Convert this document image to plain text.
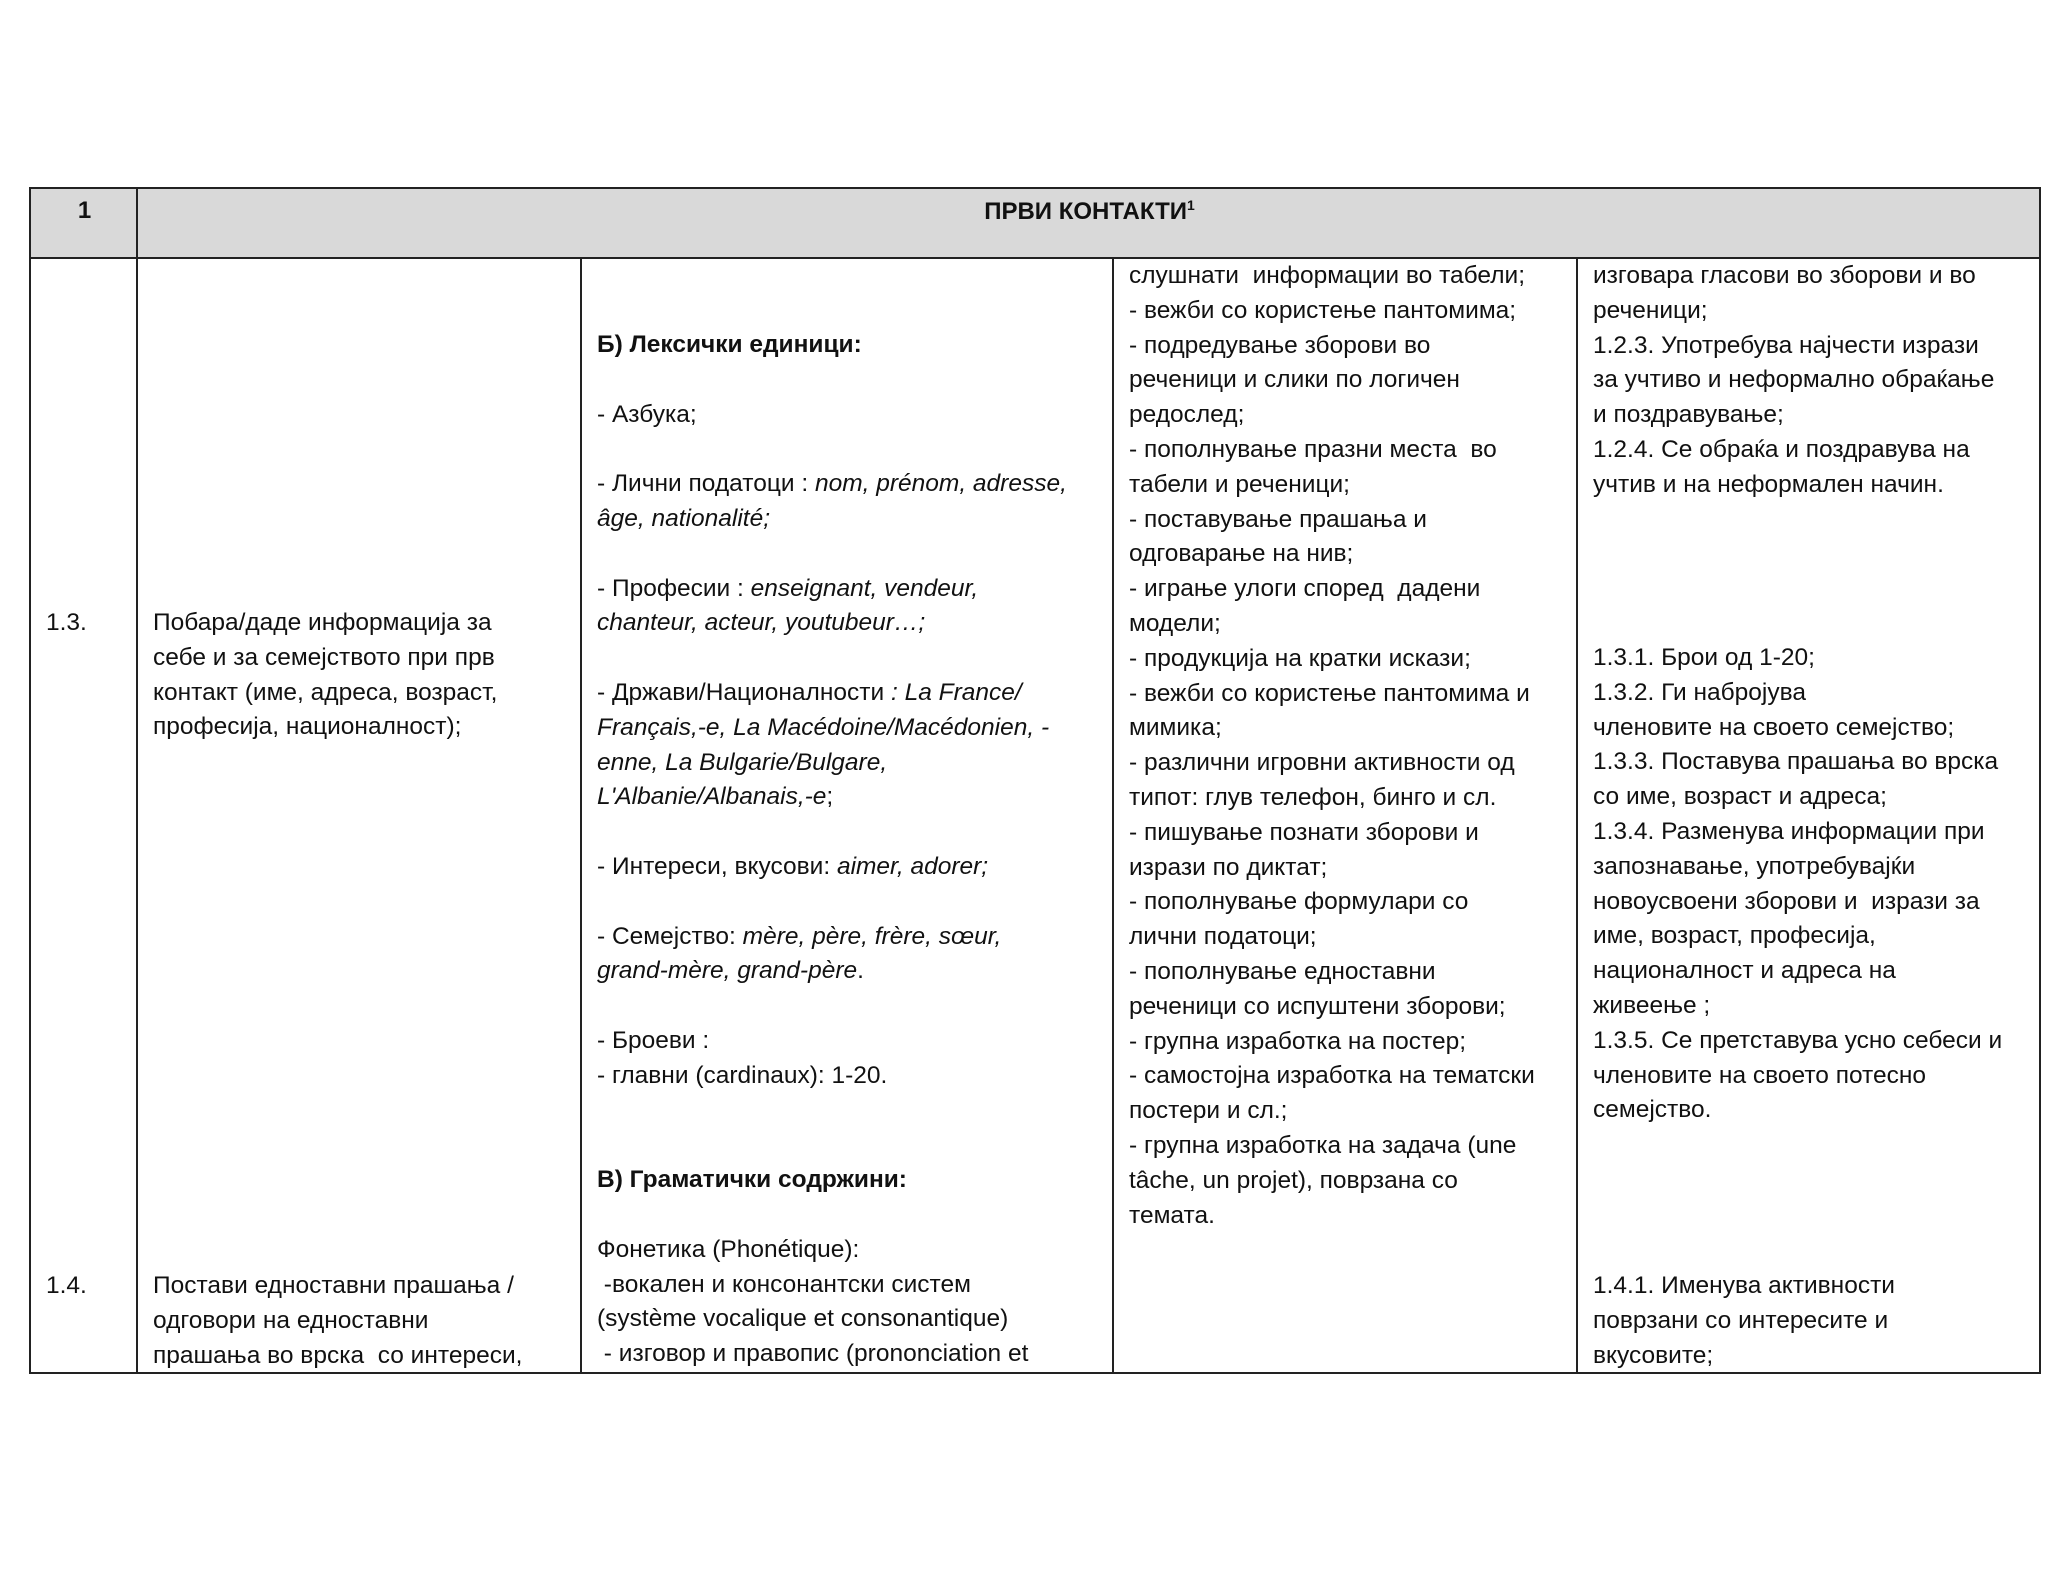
1	ПРВИ КОНТАКТИ$^1$
1.3.
1.4.
Побара/даде информација за
себе и за семејството при прв
контакт (име, адреса, возраст,
професија, националност);
Постави едноставни прашања /
одговори на едноставни
прашања во врска  со интереси,
Б) Лексички единици:
- Азбука;
- Лични податоци : nom, prénom, adresse,
âge, nationalité;
- Професии : enseignant, vendeur,
chanteur, acteur, youtubeur…;
- Држави/Националности : La France/
Français,-e, La Macédoine/Macédonien, -
enne, La Bulgarie/Bulgare,
L'Albanie/Albanais,-e;
- Интереси, вкусови: aimer, adorer;
- Семејство: mère, père, frère, sœur,
grand-mère, grand-père.
- Броеви :
- главни (cardinaux): 1-20.
В) Граматички содржини:
Фонетика (Phonétique):
-вокален и консонантски систем
(système vocalique et consonantique)
- изговор и правопис (prononciation et
слушнати  информации во табели;
- вежби со користење пантомима;
- подредување зборови во
реченици и слики по логичен
редослед;
- пополнување празни места  во
табели и реченици;
- поставување прашања и
одговарање на нив;
- играње улоги според  дадени
модели;
- продукција на кратки искази;
- вежби со користење пантомима и
мимика;
- различни игровни активности од
типот: глув телефон, бинго и сл.
- пишување познати зборови и
изрази по диктат;
- пополнување формулари со
лични податоци;
- пополнување едноставни
реченици со испуштени зборови;
- групна изработка на постер;
- самостојна изработка на тематски
постери и сл.;
- групна изработка на задача (une
tâche, un projet), поврзана со
темата.
изговара гласови во зборови и во
реченици;
1.2.3. Употребува најчести изрази
за учтиво и неформално обраќање
и поздравување;
1.2.4. Се обраќа и поздравува на
учтив и на неформален начин.
1.3.1. Брои од 1-20;
1.3.2. Ги набројува
членовите на своето семејство;
1.3.3. Поставува прашања во врска
со име, возраст и адреса;
1.3.4. Разменува информации при
запознавање, употребувајќи
новоусвоени зборови и  изрази за
име, возраст, професија,
националност и адреса на
живеење ;
1.3.5. Се претставува усно себеси и
членовите на своето потесно
семејство.
1.4.1. Именува активности
поврзани со интересите и
вкусовите;
